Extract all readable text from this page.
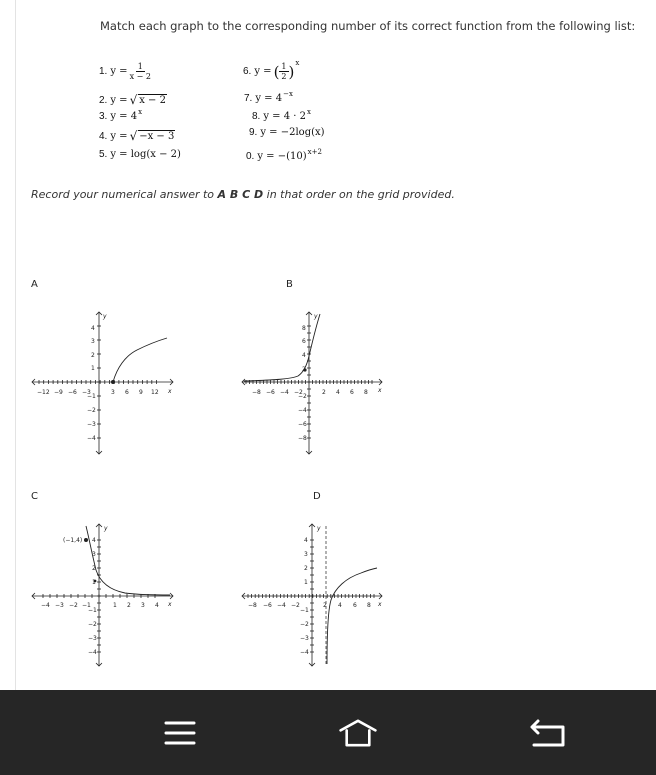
Match each graph to the corresponding number of its correct function from the following list:
1. $y = \frac{1}{x - 2}$
2. y = √ x − 2
3. y = 4 x
4. y = √ −x − 3
5. y = log(x − 2)
6. y = ( $\frac{1}{2}$ ) x
7. y = 4 −x
8. y = 4 · 2 x
9. y = −2log(x)
0. y = −(10) x+2
Record your numerical answer to A B C D in that order on the grid provided.
A	B
C	D
x
y
−12 −9 −6 −3	3 6 9 12
4
3
2
1
−1
−2
−3
−4
x
y
−8 −6 −4 −2	2 4 6 8
8
6
4
2
−2
−4
−6
−8
(−1,4)
x
y
−4 −3 −2 −1	1 2 3 4
4
3
2
1
−1
−2
−3
−4
x
y
−8 −6 −4 −2	2 4 6 8
4
3
2
1
−1
−2
−3
−4
